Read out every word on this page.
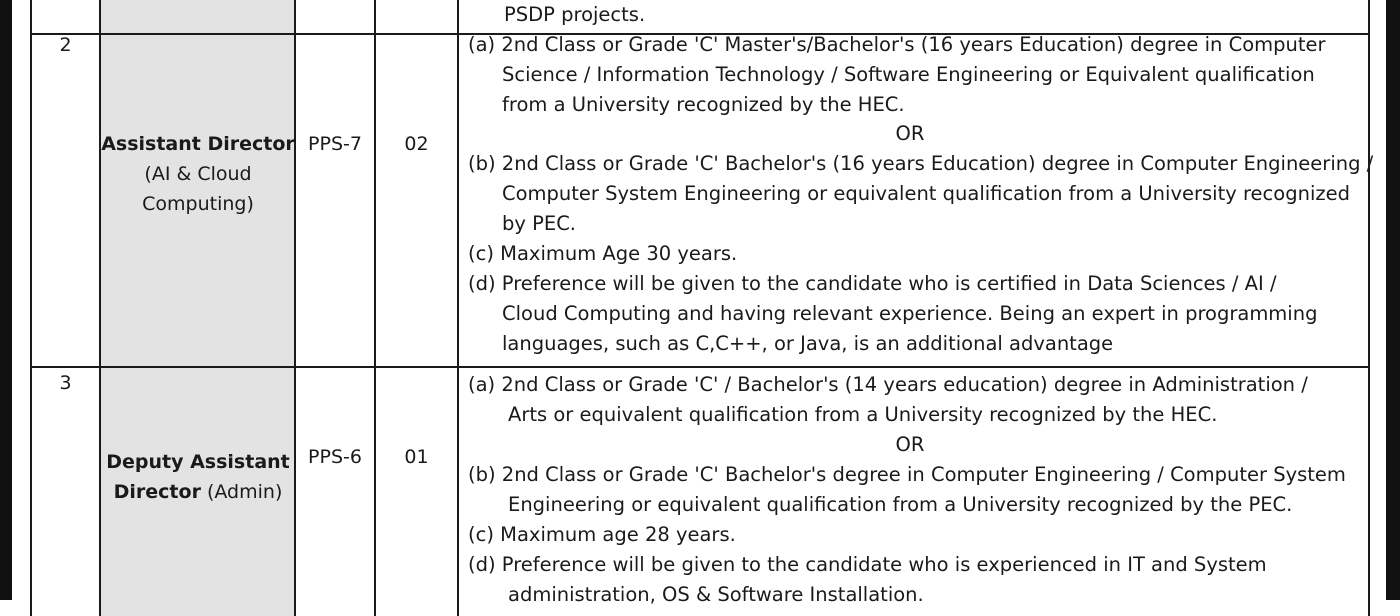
PSDP projects.
2
Assistant Director
(AI & Cloud
Computing)
PPS-7	02
(a) 2nd Class or Grade 'C' Master's/Bachelor's (16 years Education) degree in Computer
Science / Information Technology / Software Engineering or Equivalent qualification
from a University recognized by the HEC.
OR
(b) 2nd Class or Grade 'C' Bachelor's (16 years Education) degree in Computer Engineering /
Computer System Engineering or equivalent qualification from a University recognized
by PEC.
(c) Maximum Age 30 years.
(d) Preference will be given to the candidate who is certified in Data Sciences / AI /
Cloud Computing and having relevant experience. Being an expert in programming
languages, such as C,C++, or Java, is an additional advantage
3
Deputy Assistant
Director (Admin)
PPS-6	01
(a) 2nd Class or Grade 'C' / Bachelor's (14 years education) degree in Administration /
Arts or equivalent qualification from a University recognized by the HEC.
OR
(b) 2nd Class or Grade 'C' Bachelor's degree in Computer Engineering / Computer System
Engineering or equivalent qualification from a University recognized by the PEC.
(c) Maximum age 28 years.
(d) Preference will be given to the candidate who is experienced in IT and System
administration, OS & Software Installation.
